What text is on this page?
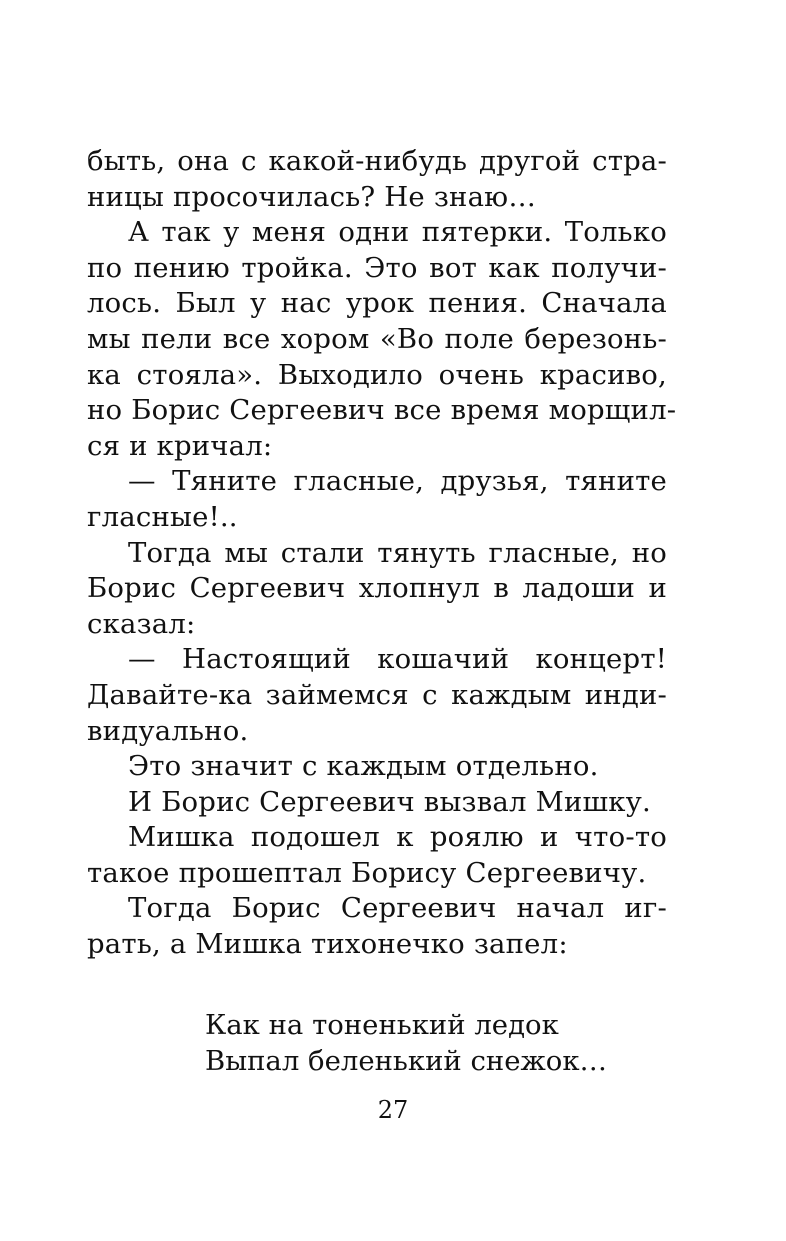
быть, она с какой-нибудь другой стра-
ницы просочилась? Не знаю…
А так у меня одни пятерки. Только
по пению тройка. Это вот как получи-
лось. Был у нас урок пения. Сначала
мы пели все хором «Во поле березонь-
ка стояла». Выходило очень красиво,
но Борис Сергеевич все время морщил-
ся и кричал:
— Тяните гласные, друзья, тяните
гласные!..
Тогда мы стали тянуть гласные, но
Борис Сергеевич хлопнул в ладоши и
сказал:
— Настоящий кошачий концерт!
Давайте-ка займемся с каждым инди-
видуально.
Это значит с каждым отдельно.
И Борис Сергеевич вызвал Мишку.
Мишка подошел к роялю и что-то
такое прошептал Борису Сергеевичу.
Тогда Борис Сергеевич начал иг-
рать, а Мишка тихонечко запел:
Как на тоненький ледок
Выпал беленький снежок…
27
